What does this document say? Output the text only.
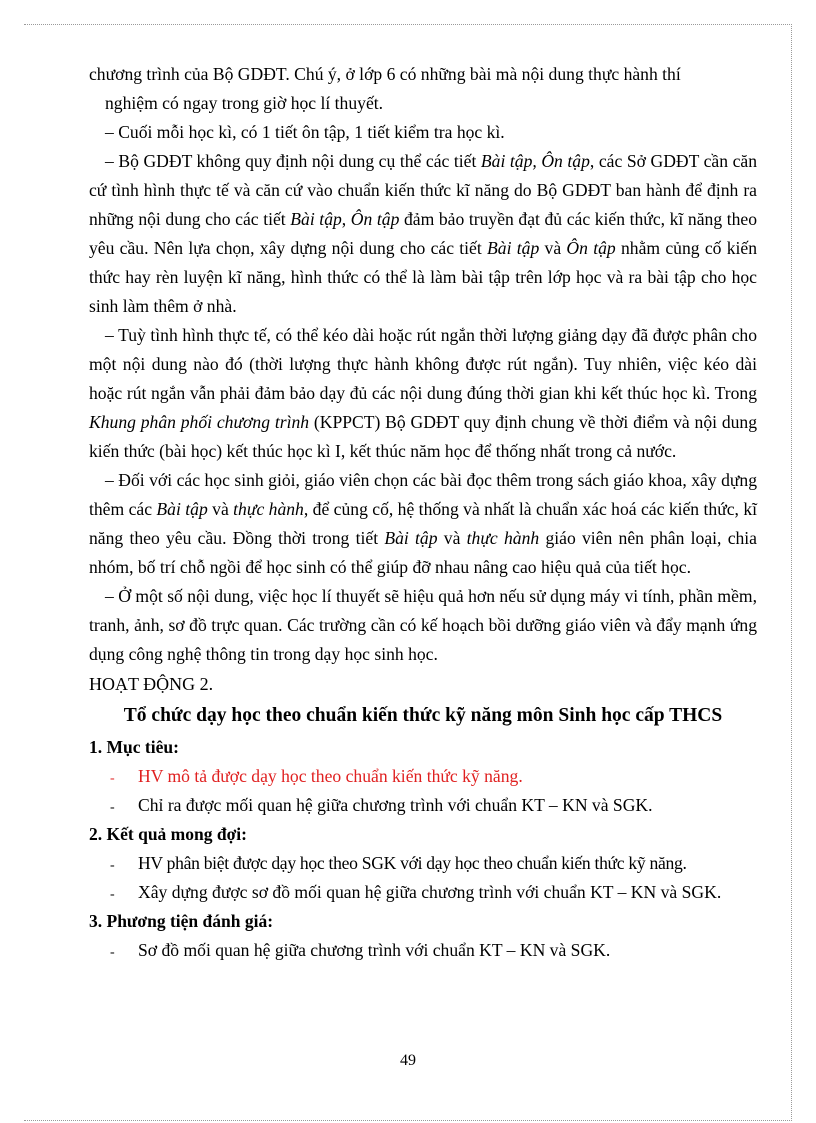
chương trình của Bộ GDĐT. Chú ý, ở lớp 6 có những bài mà nội dung thực hành thí
nghiệm có ngay trong giờ học lí thuyết.

– Cuối mỗi học kì, có 1 tiết ôn tập, 1 tiết kiểm tra học kì.

– Bộ GDĐT không quy định nội dung cụ thể các tiết Bài tập, Ôn tập, các Sở GDĐT cần căn cứ tình hình thực tế và căn cứ vào chuẩn kiến thức kĩ năng do Bộ GDĐT ban hành để định ra những nội dung cho các tiết Bài tập, Ôn tập đảm bảo truyền đạt đủ các kiến thức, kĩ năng theo yêu cầu. Nên lựa chọn, xây dựng nội dung cho các tiết Bài tập và Ôn tập nhằm củng cố kiến thức hay rèn luyện kĩ năng, hình thức có thể là làm bài tập trên lớp học và ra bài tập cho học sinh làm thêm ở nhà.

– Tuỳ tình hình thực tế, có thể kéo dài hoặc rút ngắn thời lượng giảng dạy đã được phân cho một nội dung nào đó (thời lượng thực hành không được rút ngắn). Tuy nhiên, việc kéo dài hoặc rút ngắn vẫn phải đảm bảo dạy đủ các nội dung đúng thời gian khi kết thúc học kì. Trong Khung phân phối chương trình (KPPCT) Bộ GDĐT quy định chung về thời điểm và nội dung kiến thức (bài học) kết thúc học kì I, kết thúc năm học để thống nhất trong cả nước.

– Đối với các học sinh giỏi, giáo viên chọn các bài đọc thêm trong sách giáo khoa, xây dựng thêm các Bài tập và thực hành, để củng cố, hệ thống và nhất là chuẩn xác hoá các kiến thức, kĩ năng theo yêu cầu. Đồng thời trong tiết Bài tập và thực hành giáo viên nên phân loại, chia nhóm, bố trí chỗ ngồi để học sinh có thể giúp đỡ nhau nâng cao hiệu quả của tiết học.

– Ở một số nội dung, việc học lí thuyết sẽ hiệu quả hơn nếu sử dụng máy vi tính, phần mềm, tranh, ảnh, sơ đồ trực quan. Các trường cần có kế hoạch bồi dưỡng giáo viên và đẩy mạnh ứng dụng công nghệ thông tin trong dạy học sinh học.

HOẠT ĐỘNG 2.

Tổ chức dạy học theo chuẩn kiến thức kỹ năng môn Sinh học cấp THCS

1. Mục tiêu:

- HV mô tả được dạy học theo chuẩn kiến thức kỹ năng.

- Chỉ ra được mối quan hệ giữa chương trình với chuẩn KT – KN và SGK.

2. Kết quả mong đợi:

- HV phân biệt được dạy học theo SGK với dạy học theo chuẩn kiến thức kỹ năng.

- Xây dựng được sơ đồ mối quan hệ giữa chương trình với chuẩn KT – KN và SGK.

3. Phương tiện đánh giá:

- Sơ đồ mối quan hệ giữa chương trình với chuẩn KT – KN và SGK.

49
